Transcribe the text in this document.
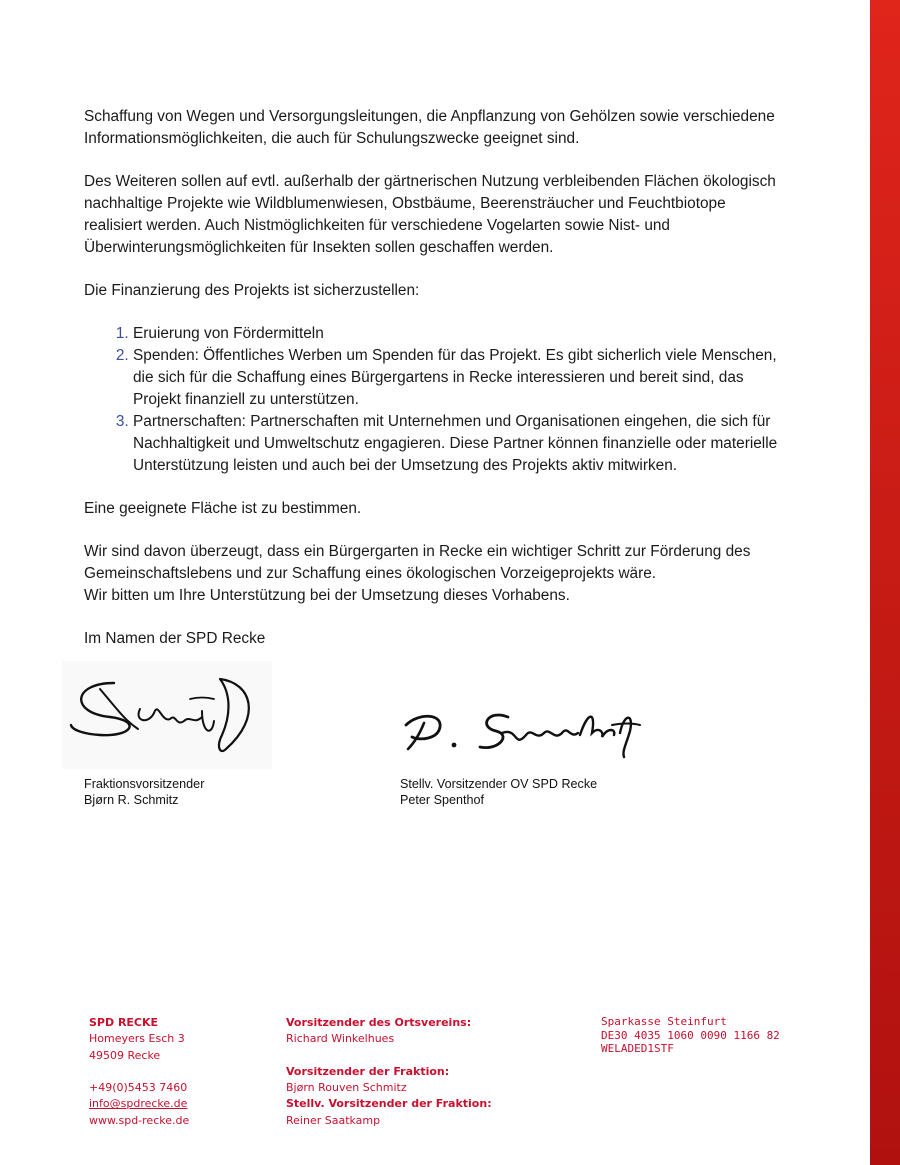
Schaffung von Wegen und Versorgungsleitungen, die Anpflanzung von Gehölzen sowie verschiedene Informationsmöglichkeiten, die auch für Schulungszwecke geeignet sind.

Des Weiteren sollen auf evtl. außerhalb der gärtnerischen Nutzung verbleibenden Flächen ökologisch nachhaltige Projekte wie Wildblumenwiesen, Obstbäume, Beerensträucher und Feuchtbiotope realisiert werden. Auch Nistmöglichkeiten für verschiedene Vogelarten sowie Nist- und Überwinterungsmöglichkeiten für Insekten sollen geschaffen werden.

Die Finanzierung des Projekts ist sicherzustellen:

1. Eruierung von Fördermitteln
2. Spenden: Öffentliches Werben um Spenden für das Projekt. Es gibt sicherlich viele Menschen, die sich für die Schaffung eines Bürgergartens in Recke interessieren und bereit sind, das Projekt finanziell zu unterstützen.
3. Partnerschaften: Partnerschaften mit Unternehmen und Organisationen eingehen, die sich für Nachhaltigkeit und Umweltschutz engagieren. Diese Partner können finanzielle oder materielle Unterstützung leisten und auch bei der Umsetzung des Projekts aktiv mitwirken.

Eine geeignete Fläche ist zu bestimmen.

Wir sind davon überzeugt, dass ein Bürgergarten in Recke ein wichtiger Schritt zur Förderung des Gemeinschaftslebens und zur Schaffung eines ökologischen Vorzeigeprojekts wäre.
Wir bitten um Ihre Unterstützung bei der Umsetzung dieses Vorhabens.

Im Namen der SPD Recke

Fraktionsvorsitzender
Bjørn R. Schmitz
Stellv. Vorsitzender OV SPD Recke
Peter Spenthof
SPD RECKE
Homeyers Esch 3
49509 Recke
+49(0)5453 7460
info@spdrecke.de
www.spd-recke.de
Vorsitzender des Ortsvereins:
Richard Winkelhues
Vorsitzender der Fraktion:
Bjørn Rouven Schmitz
Stellv. Vorsitzender der Fraktion:
Reiner Saatkamp
Sparkasse Steinfurt
DE30 4035 1060 0090 1166 82
WELADED1STF
